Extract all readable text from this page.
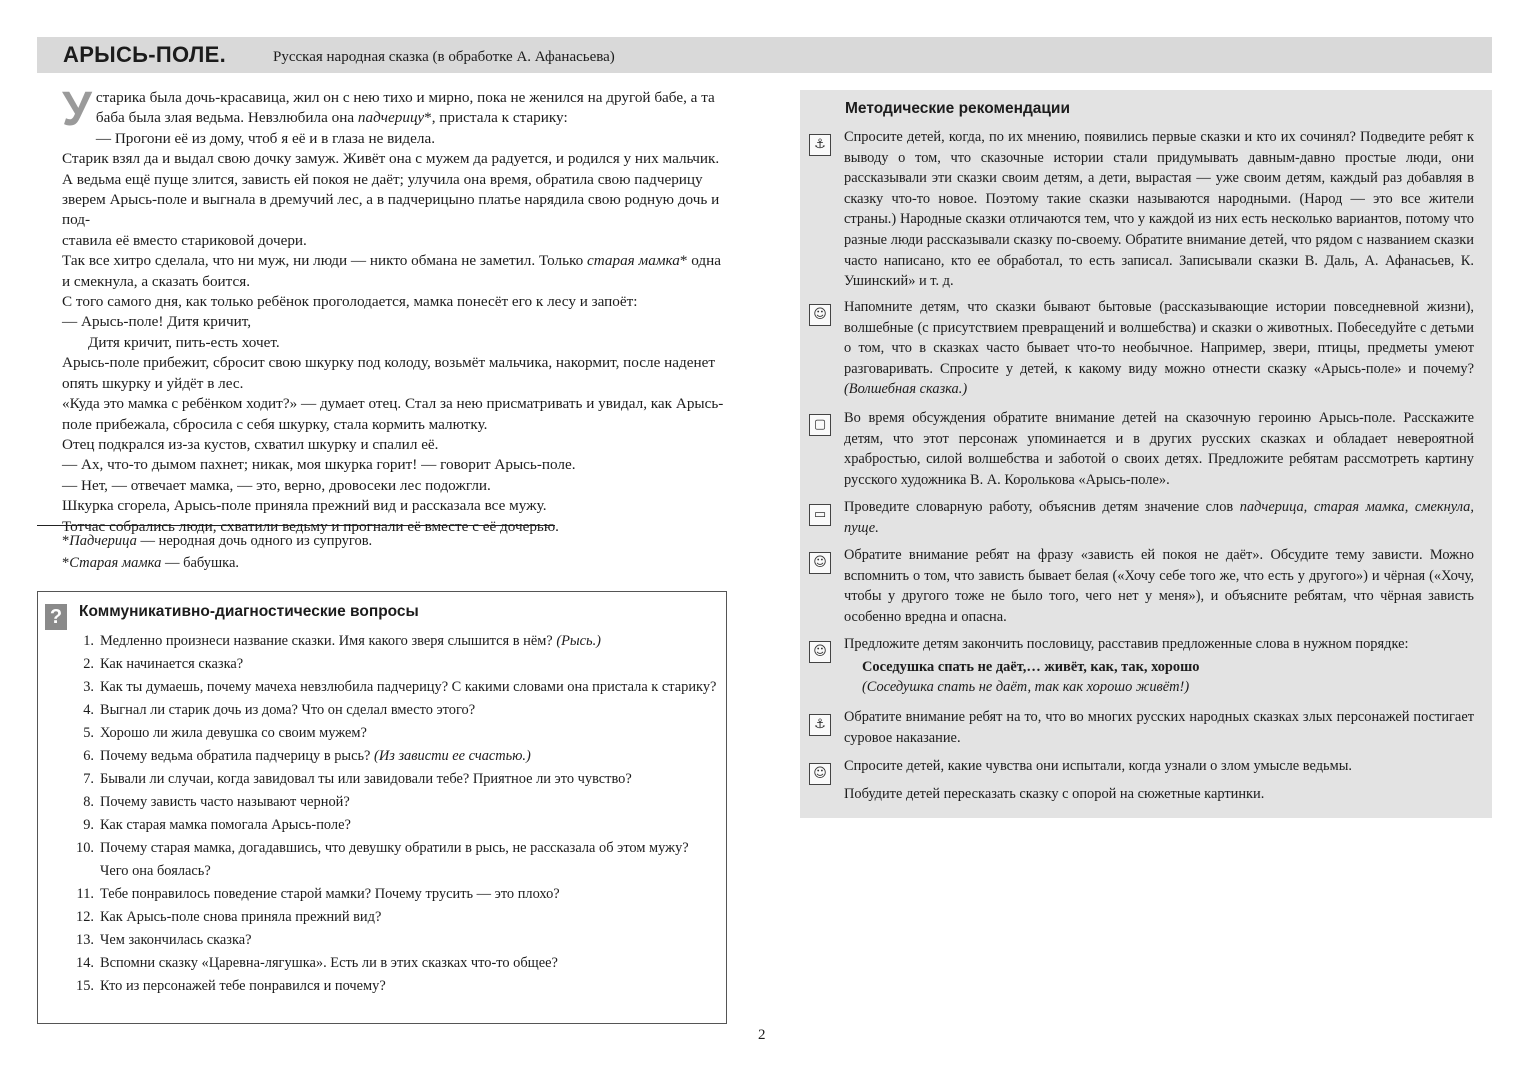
АРЫСЬ-ПОЛЕ.	Русская народная сказка (в обработке А. Афанасьева)
У старика была дочь-красавица, жил он с нею тихо и мирно, пока не женился на другой бабе, а та

баба была злая ведьма. Невзлюбила она падчерицу*, пристала к старику:

— Прогони её из дому, чтоб я её и в глаза не видела.

Старик взял да и выдал свою дочку замуж. Живёт она с мужем да радуется, и родился у них мальчик.

А ведьма ещё пуще злится, зависть ей покоя не даёт; улучила она время, обратила свою падчерицу

зверем Арысь-поле и выгнала в дремучий лес, а в падчерицыно платье нарядила свою родную дочь и под-

ставила её вместо стариковой дочери.

Так все хитро сделала, что ни муж, ни люди — никто обмана не заметил. Только старая мамка* одна

и смекнула, а сказать боится.

С того самого дня, как только ребёнок проголодается, мамка понесёт его к лесу и запоёт:

— Арысь-поле! Дитя кричит,

Дитя кричит, пить-есть хочет.

Арысь-поле прибежит, сбросит свою шкурку под колоду, возьмёт мальчика, накормит, после наденет

опять шкурку и уйдёт в лес.

«Куда это мамка с ребёнком ходит?» — думает отец. Стал за нею присматривать и увидал, как Арысь-

поле прибежала, сбросила с себя шкурку, стала кормить малютку.

Отец подкрался из-за кустов, схватил шкурку и спалил её.

— Ах, что-то дымом пахнет; никак, моя шкурка горит! — говорит Арысь-поле.

— Нет, — отвечает мамка, — это, верно, дровосеки лес подожгли.

Шкурка сгорела, Арысь-поле приняла прежний вид и рассказала все мужу.

Тотчас собрались люди, схватили ведьму и прогнали её вместе с её дочерью.

*Падчерица — неродная дочь одного из супругов.
*Старая мамка — бабушка.
?	Коммуникативно-диагностические вопросы
1. Медленно произнеси название сказки. Имя какого зверя слышится в нём? (Рысь.)
2. Как начинается сказка?
3. Как ты думаешь, почему мачеха невзлюбила падчерицу? С какими словами она пристала к старику?
4. Выгнал ли старик дочь из дома? Что он сделал вместо этого?
5. Хорошо ли жила девушка со своим мужем?
6. Почему ведьма обратила падчерицу в рысь? (Из зависти ее счастью.)
7. Бывали ли случаи, когда завидовал ты или завидовали тебе? Приятное ли это чувство?
8. Почему зависть часто называют черной?
9. Как старая мамка помогала Арысь-поле?
10. Почему старая мамка, догадавшись, что девушку обратили в рысь, не рассказала об этом мужу? Чего она боялась?
11. Тебе понравилось поведение старой мамки? Почему трусить — это плохо?
12. Как Арысь-поле снова приняла прежний вид?
13. Чем закончилась сказка?
14. Вспомни сказку «Царевна-лягушка». Есть ли в этих сказках что-то общее?
15. Кто из персонажей тебе понравился и почему?
Методические рекомендации
⚓	Спросите детей, когда, по их мнению, появились первые сказки и кто их сочинял? Подведите ребят к выводу о том, что сказочные истории стали придумывать давным-давно простые люди, они рассказывали эти сказки своим детям, а дети, вырастая — уже своим детям, каждый раз добавляя в сказку что-то новое. Поэтому такие сказки называются народными. (Народ — это все жители страны.) Народные сказки отличаются тем, что у каждой из них есть несколько вариантов, потому что разные люди рассказывали сказку по-своему. Обратите внимание детей, что рядом с названием сказки часто написано, кто ее обработал, то есть записал. Записывали сказки В. Даль, А. Афанасьев, К. Ушинский» и т. д.
☺ Напомните детям, что сказки бывают бытовые (рассказывающие истории повседневной жизни), волшебные (с присутствием превращений и волшебства) и сказки о животных. Побеседуйте с детьми о том, что в сказках часто бывает что-то необычное. Например, звери, птицы, предметы умеют разговаривать. Спросите у детей, к какому виду можно отнести сказку «Арысь-поле» и почему? (Волшебная сказка.)
▢	Во время обсуждения обратите внимание детей на сказочную героиню Арысь-поле. Расскажите детям, что этот персонаж упоминается и в других русских сказках и обладает невероятной храбростью, силой волшебства и заботой о своих детях. Предложите ребятам рассмотреть картину русского художника В. А. Королькова «Арысь-поле».
▭	Проведите словарную работу, объяснив детям значение слов падчерица, старая мамка, смекнула, пуще.
☺ Обратите внимание ребят на фразу «зависть ей покоя не даёт». Обсудите тему зависти. Можно вспомнить о том, что зависть бывает белая («Хочу себе того же, что есть у другого») и чёрная («Хочу, чтобы у другого тоже не было того, чего нет у меня»), и объясните ребятам, что чёрная зависть особенно вредна и опасна.
☺ Предложите детям закончить пословицу, расставив предложенные слова в нужном порядке:
Соседушка спать не даёт,… живёт, как, так, хорошо
(Соседушка спать не даёт, так как хорошо живёт!)
⚓	Обратите внимание ребят на то, что во многих русских народных сказках злых персонажей постигает суровое наказание.
☺ Спросите детей, какие чувства они испытали, когда узнали о злом умысле ведьмы.
Побудите детей пересказать сказку с опорой на сюжетные картинки.
2
